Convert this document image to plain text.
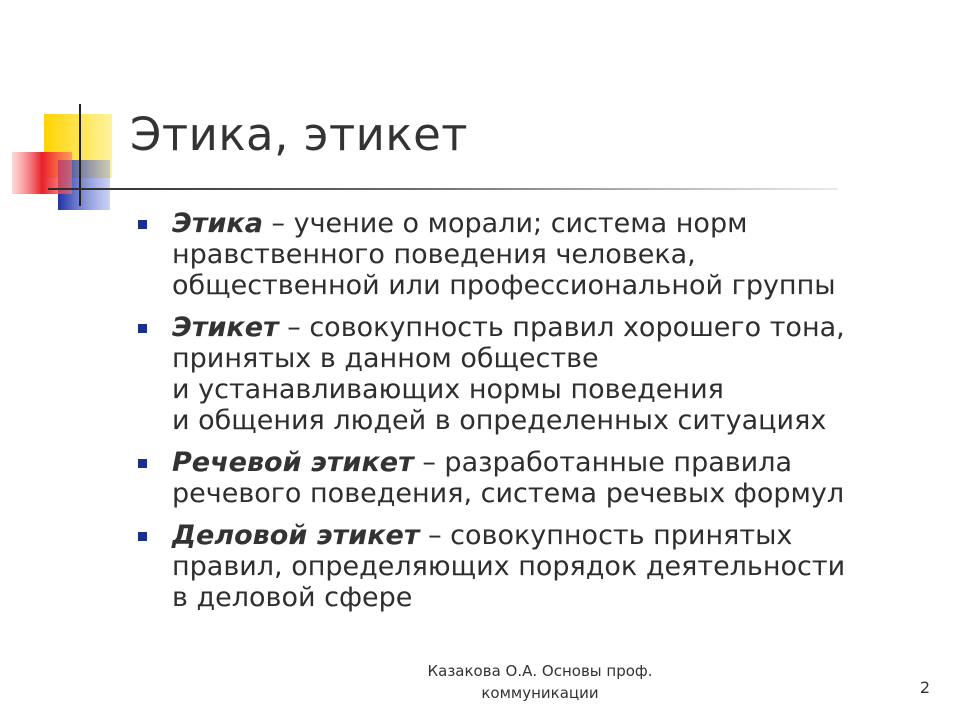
Этика, этикет
Этика – учение о морали; система норм
нравственного поведения человека,
общественной или профессиональной группы
Этикет – совокупность правил хорошего тона,
принятых в данном обществе
и устанавливающих нормы поведения
и общения людей в определенных ситуациях
Речевой этикет – разработанные правила
речевого поведения, система речевых формул
Деловой этикет – совокупность принятых
правил, определяющих порядок деятельности
в деловой сфере
Казакова О.А. Основы проф.
коммуникации	2
